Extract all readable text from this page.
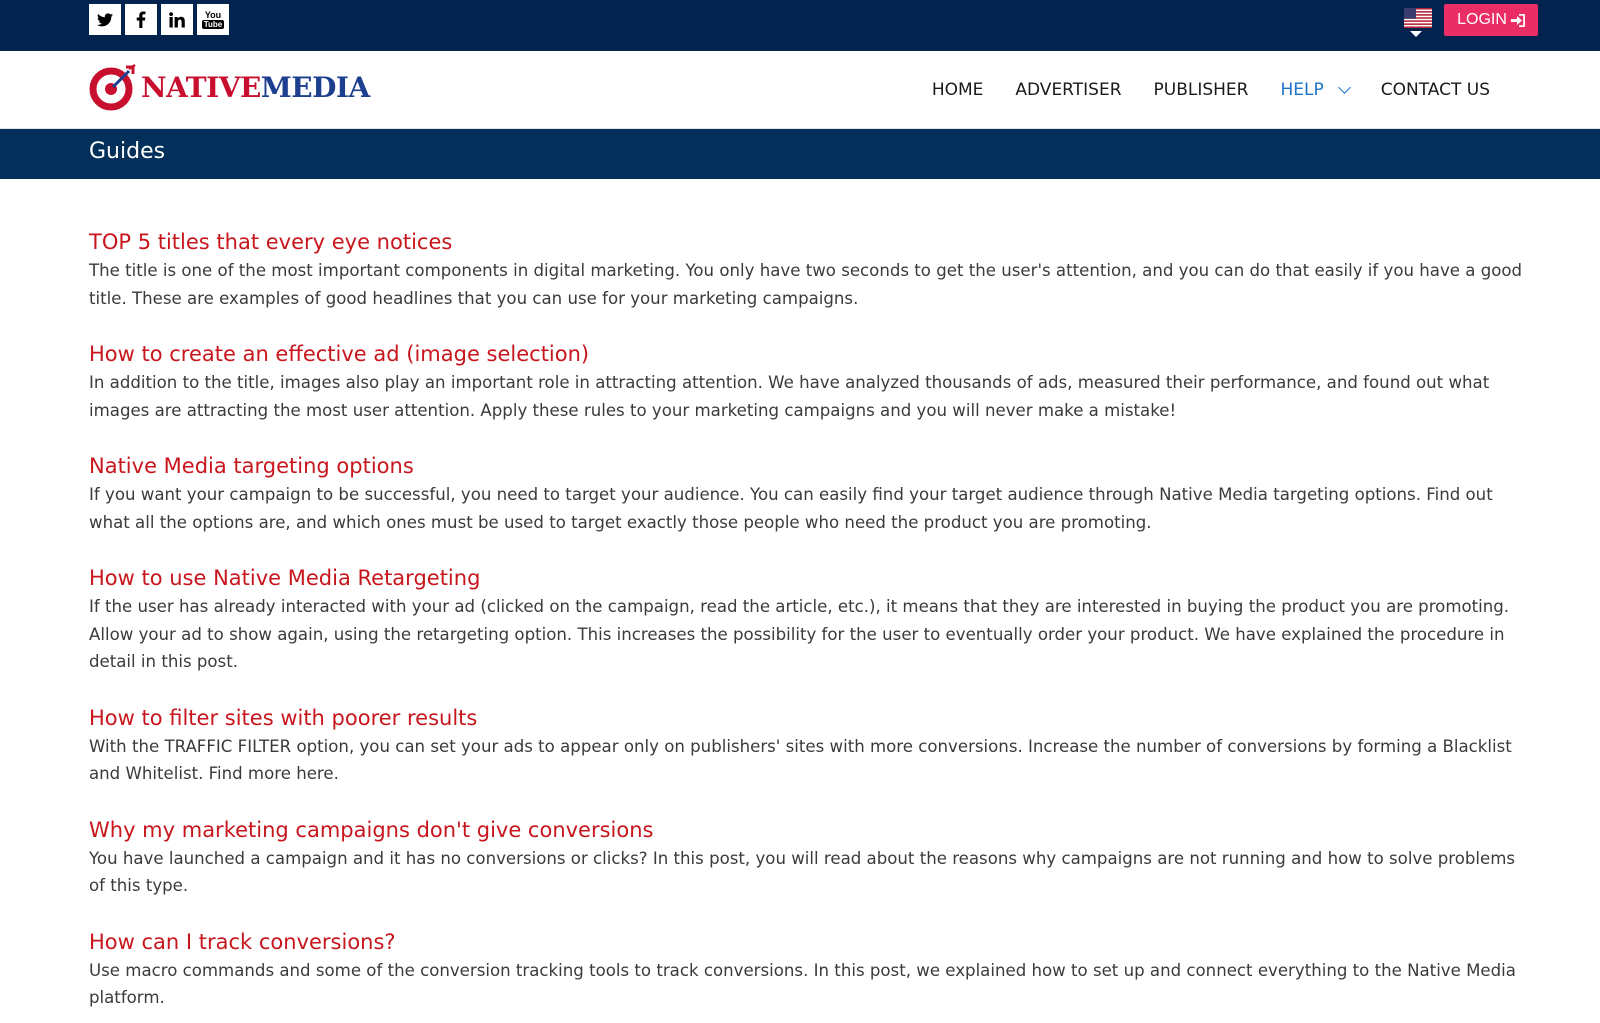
You
Tube	LOGIN
NATIVEMEDIA	HOME ADVERTISER PUBLISHER HELP	CONTACT US
Guides
TOP 5 titles that every eye notices

The title is one of the most important components in digital marketing. You only have two seconds to get the user's attention, and you can do that easily if you have a good title. These are examples of good headlines that you can use for your marketing campaigns.

How to create an effective ad (image selection)

In addition to the title, images also play an important role in attracting attention. We have analyzed thousands of ads, measured their performance, and found out what images are attracting the most user attention. Apply these rules to your marketing campaigns and you will never make a mistake!

Native Media targeting options

If you want your campaign to be successful, you need to target your audience. You can easily find your target audience through Native Media targeting options. Find out what all the options are, and which ones must be used to target exactly those people who need the product you are promoting.

How to use Native Media Retargeting

If the user has already interacted with your ad (clicked on the campaign, read the article, etc.), it means that they are interested in buying the product you are promoting. Allow your ad to show again, using the retargeting option. This increases the possibility for the user to eventually order your product. We have explained the procedure in detail in this post.

How to filter sites with poorer results

With the TRAFFIC FILTER option, you can set your ads to appear only on publishers' sites with more conversions. Increase the number of conversions by forming a Blacklist and Whitelist. Find more here.

Why my marketing campaigns don't give conversions

You have launched a campaign and it has no conversions or clicks? In this post, you will read about the reasons why campaigns are not running and how to solve problems of this type.

How can I track conversions?

Use macro commands and some of the conversion tracking tools to track conversions. In this post, we explained how to set up and connect everything to the Native Media platform.
